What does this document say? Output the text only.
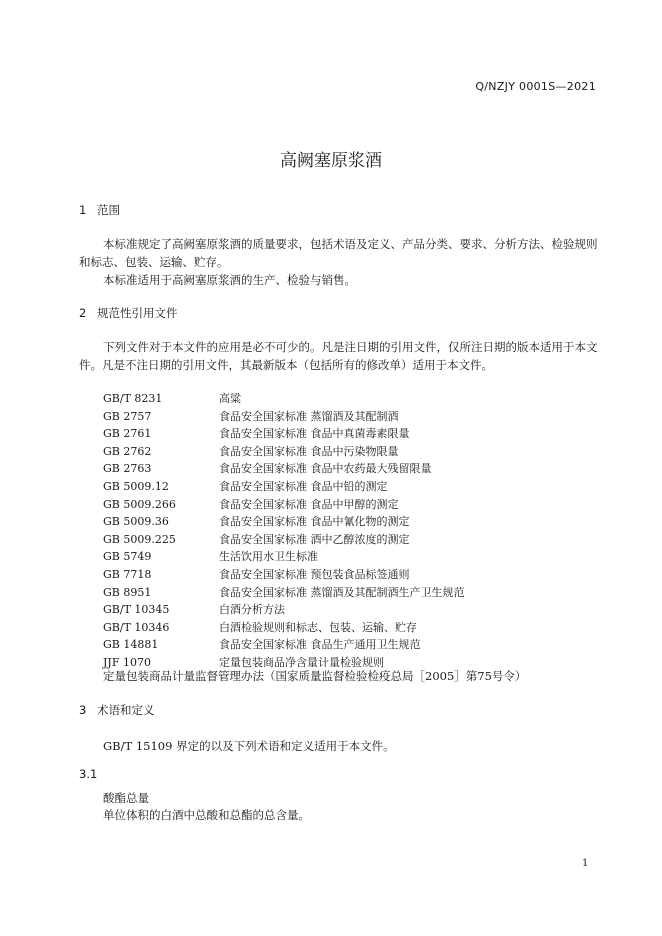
Q/NZJY 0001S—2021
高阙塞原浆酒
1 范围
本标准规定了高阙塞原浆酒的质量要求，包括术语及定义、产品分类、要求、分析方法、检验规则
和标志、包装、运输、贮存。
本标准适用于高阙塞原浆酒的生产、检验与销售。
2 规范性引用文件
下列文件对于本文件的应用是必不可少的。凡是注日期的引用文件，仅所注日期的版本适用于本文
件。凡是不注日期的引用文件，其最新版本（包括所有的修改单）适用于本文件。
GB/T 8231	高粱
GB 2757	食品安全国家标准 蒸馏酒及其配制酒
GB 2761	食品安全国家标准 食品中真菌毒素限量
GB 2762	食品安全国家标准 食品中污染物限量
GB 2763	食品安全国家标准 食品中农药最大残留限量
GB 5009.12	食品安全国家标准 食品中铅的测定
GB 5009.266	食品安全国家标准 食品中甲醇的测定
GB 5009.36	食品安全国家标准 食品中氰化物的测定
GB 5009.225	食品安全国家标准 酒中乙醇浓度的测定
GB 5749	生活饮用水卫生标准
GB 7718	食品安全国家标准 预包装食品标签通则
GB 8951	食品安全国家标准 蒸馏酒及其配制酒生产卫生规范
GB/T 10345	白酒分析方法
GB/T 10346	白酒检验规则和标志、包装、运输、贮存
GB 14881	食品安全国家标准 食品生产通用卫生规范
JJF 1070	定量包装商品净含量计量检验规则
定量包装商品计量监督管理办法（国家质量监督检验检疫总局［2005］第75号令）
3 术语和定义
GB/T 15109 界定的以及下列术语和定义适用于本文件。
3.1
酸酯总量
单位体积的白酒中总酸和总酯的总含量。
1
